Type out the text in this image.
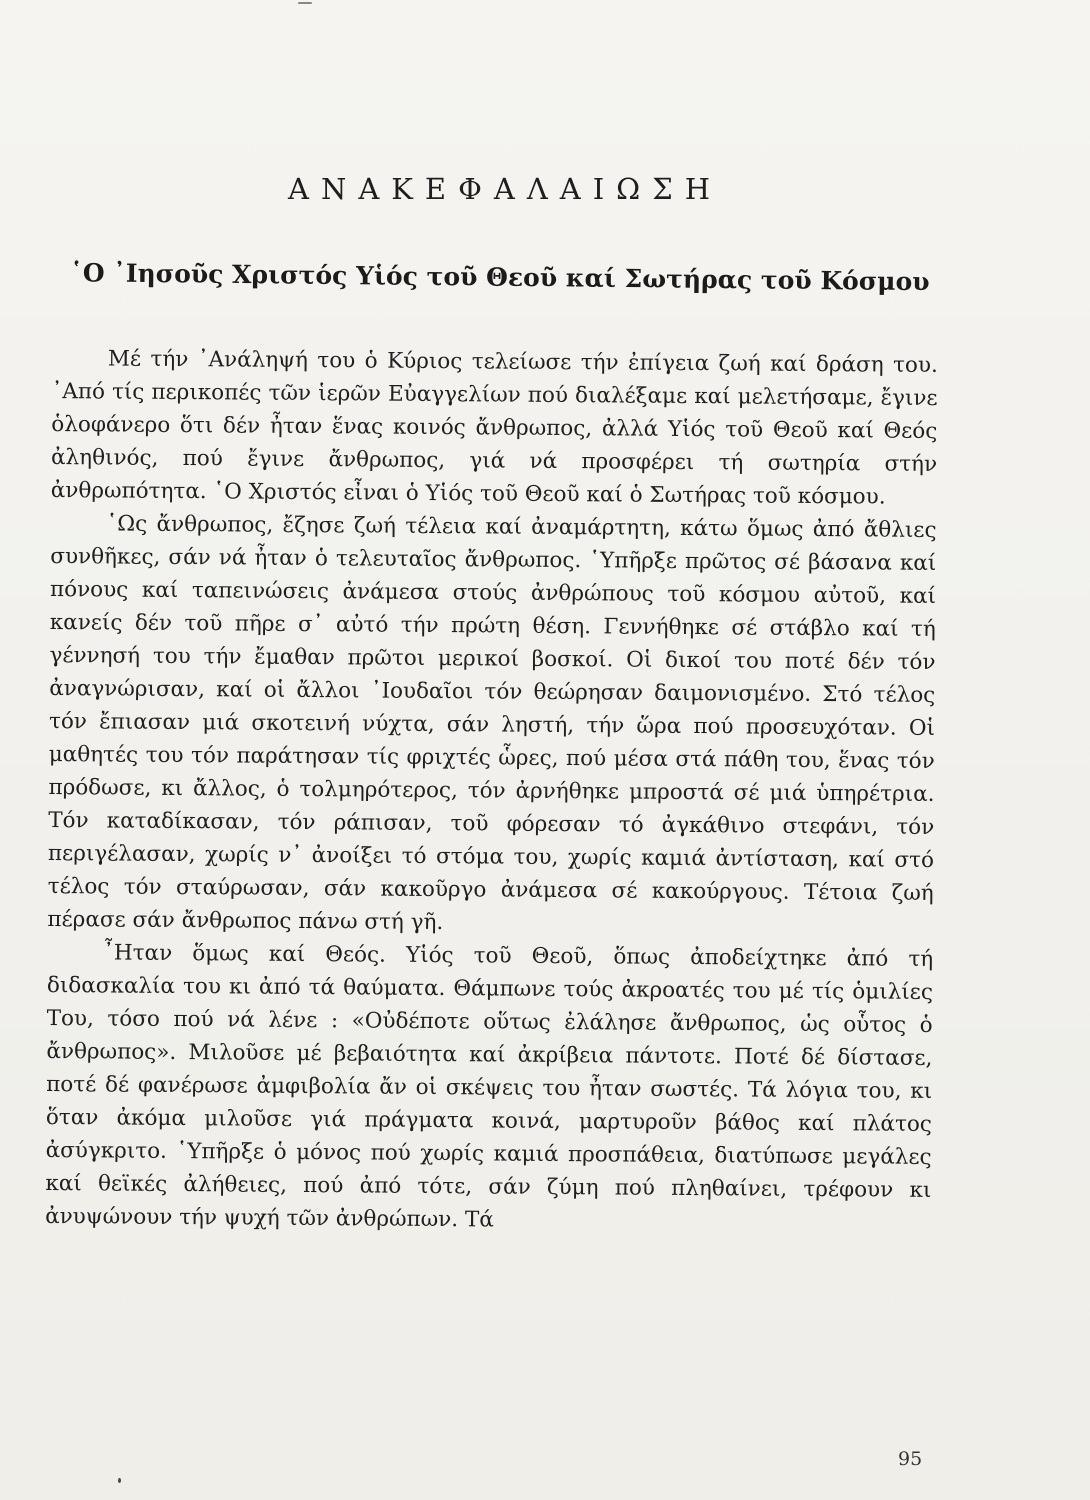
ΑΝΑΚΕΦΑΛΑΙΩΣΗ
῾Ο ᾿Ιησοῦς Χριστός Υἱός τοῦ Θεοῦ καί Σωτήρας τοῦ Κόσμου

Μέ τήν ᾿Ανάληψή του ὁ Κύριος τελείωσε τήν ἐπίγεια ζωή καί δράση του. ᾿Από τίς περικοπές τῶν ἱερῶν Εὐαγγελίων πού διαλέξαμε καί μελετήσαμε, ἔγινε ὁλοφάνερο ὅτι δέν ἦταν ἕνας κοινός ἄνθρωπος, ἀλλά Υἱός τοῦ Θεοῦ καί Θεός ἀληθινός, πού ἔγινε ἄνθρωπος, γιά νά προσφέρει τή σωτηρία στήν ἀνθρωπότητα. ῾Ο Χριστός εἶναι ὁ Υἱός τοῦ Θεοῦ καί ὁ Σωτήρας τοῦ κόσμου.

῾Ως ἄνθρωπος, ἔζησε ζωή τέλεια καί ἀναμάρτητη, κάτω ὅμως ἀπό ἄθλιες συνθῆκες, σάν νά ἦταν ὁ τελευταῖος ἄνθρωπος. ῾Υπῆρξε πρῶτος σέ βάσανα καί πόνους καί ταπεινώσεις ἀνάμεσα στούς ἀνθρώπους τοῦ κόσμου αὐτοῦ, καί κανείς δέν τοῦ πῆρε σ᾿ αὐτό τήν πρώτη θέση. Γεννήθηκε σέ στάβλο καί τή γέννησή του τήν ἔμαθαν πρῶτοι μερικοί βοσκοί. Οἱ δικοί του ποτέ δέν τόν ἀναγνώρισαν, καί οἱ ἄλλοι ᾿Ιουδαῖοι τόν θεώρησαν δαιμονισμένο. Στό τέλος τόν ἔπιασαν μιά σκοτεινή νύχτα, σάν ληστή, τήν ὥρα πού προσευχόταν. Οἱ μαθητές του τόν παράτησαν τίς φριχτές ὧρες, πού μέσα στά πάθη του, ἕνας τόν πρόδωσε, κι ἄλλος, ὁ τολμηρότερος, τόν ἀρνήθηκε μπροστά σέ μιά ὑπηρέτρια. Τόν καταδίκασαν, τόν ράπισαν, τοῦ φόρεσαν τό ἀγκάθινο στεφάνι, τόν περιγέλασαν, χωρίς ν᾿ ἀνοίξει τό στόμα του, χωρίς καμιά ἀντίσταση, καί στό τέλος τόν σταύρωσαν, σάν κακοῦργο ἀνάμεσα σέ κακούργους. Τέτοια ζωή πέρασε σάν ἄνθρωπος πάνω στή γῆ.

῏Ηταν ὅμως καί Θεός. Υἱός τοῦ Θεοῦ, ὅπως ἀποδείχτηκε ἀπό τή διδασκαλία του κι ἀπό τά θαύματα. Θάμπωνε τούς ἀκροατές του μέ τίς ὁμιλίες Του, τόσο πού νά λένε : «Οὐδέποτε οὕτως ἐλάλησε ἄνθρωπος, ὡς οὗτος ὁ ἄνθρωπος». Μιλοῦσε μέ βεβαιότητα καί ἀκρίβεια πάντοτε. Ποτέ δέ δίστασε, ποτέ δέ φανέρωσε ἀμφιβολία ἄν οἱ σκέψεις του ἦταν σωστές. Τά λόγια του, κι ὅταν ἀκόμα μιλοῦσε γιά πράγματα κοινά, μαρτυροῦν βάθος καί πλάτος ἀσύγκριτο. ῾Υπῆρξε ὁ μόνος πού χωρίς καμιά προσπάθεια, διατύπωσε μεγάλες καί θεϊκές ἀλήθειες, πού ἀπό τότε, σάν ζύμη πού πληθαίνει, τρέφουν κι ἀνυψώνουν τήν ψυχή τῶν ἀνθρώπων. Τά

95
